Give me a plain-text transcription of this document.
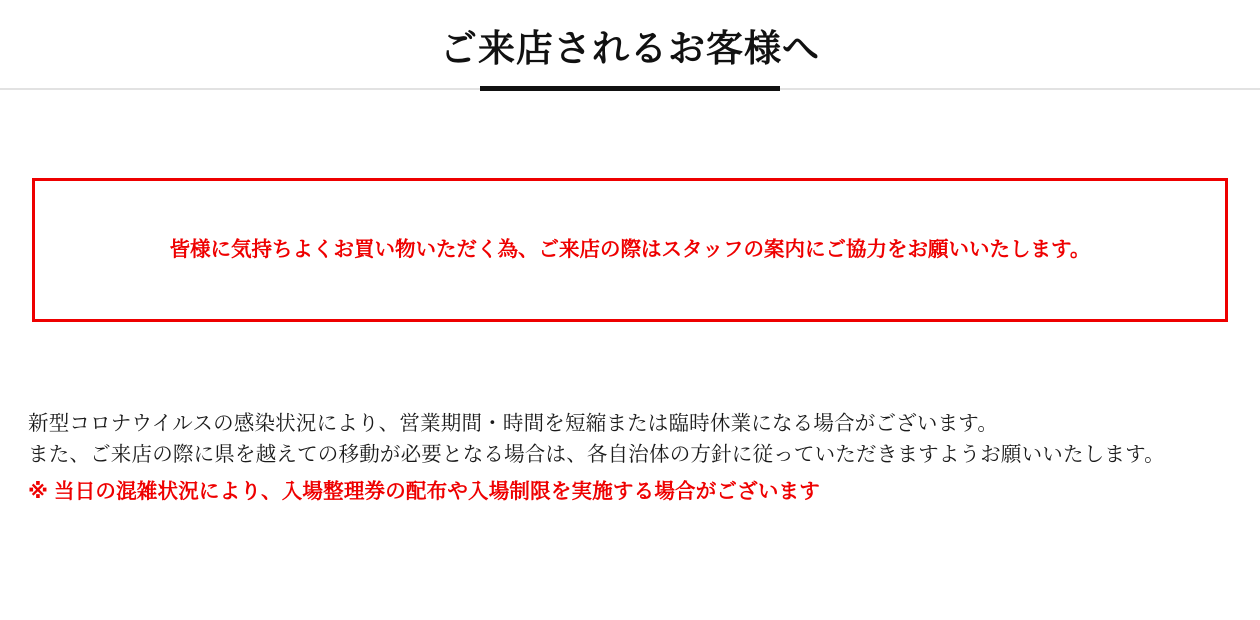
ご来店されるお客様へ
皆様に気持ちよくお買い物いただく為、ご来店の際はスタッフの案内にご協力をお願いいたします。

新型コロナウイルスの感染状況により、営業期間・時間を短縮または臨時休業になる場合がございます。

また、ご来店の際に県を越えての移動が必要となる場合は、各自治体の方針に従っていただきますようお願いいたします。

※ 当日の混雑状況により、入場整理券の配布や入場制限を実施する場合がございます
